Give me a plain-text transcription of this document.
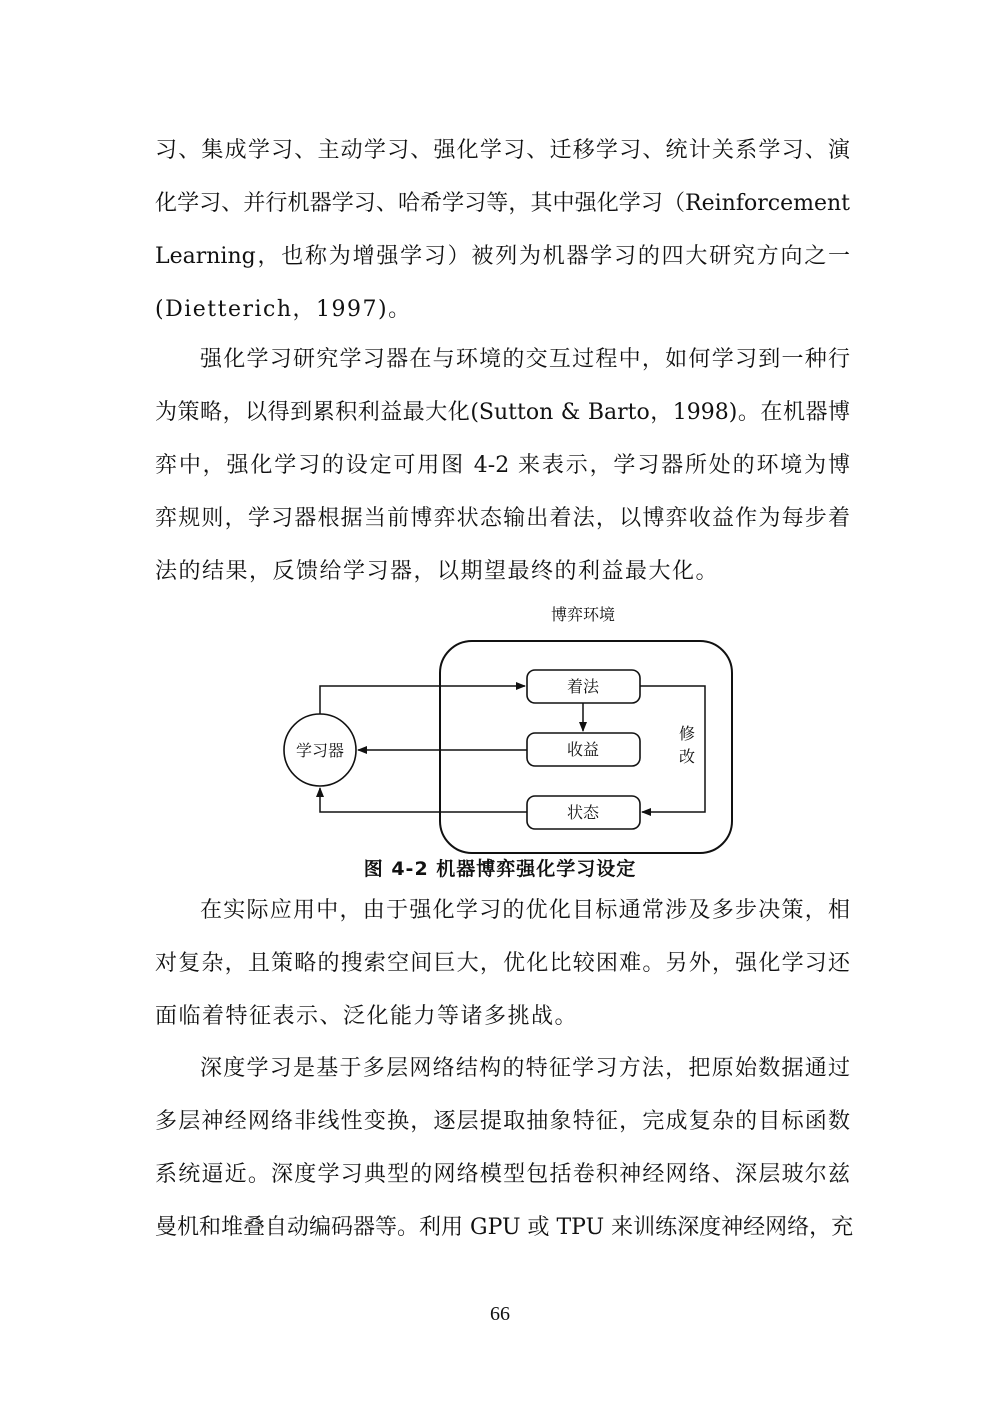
习、集成学习、主动学习、强化学习、迁移学习、统计关系学习、演
化学习、并行机器学习、哈希学习等，其中强化学习（Reinforcement
Learning，也称为增强学习）被列为机器学习的四大研究方向之一
(Dietterich，1997)。
强化学习研究学习器在与环境的交互过程中，如何学习到一种行
为策略，以得到累积利益最大化(Sutton & Barto，1998)。在机器博
弈中，强化学习的设定可用图 4-2 来表示，学习器所处的环境为博
弈规则，学习器根据当前博弈状态输出着法，以博弈收益作为每步着
法的结果，反馈给学习器，以期望最终的利益最大化。
博弈环境
学习器
着法
收益
状态
修
改
图 4-2 机器博弈强化学习设定
在实际应用中，由于强化学习的优化目标通常涉及多步决策，相
对复杂，且策略的搜索空间巨大，优化比较困难。另外，强化学习还
面临着特征表示、泛化能力等诸多挑战。
深度学习是基于多层网络结构的特征学习方法，把原始数据通过
多层神经网络非线性变换，逐层提取抽象特征，完成复杂的目标函数
系统逼近。深度学习典型的网络模型包括卷积神经网络、深层玻尔兹
曼机和堆叠自动编码器等。利用 GPU 或 TPU 来训练深度神经网络，充
66
